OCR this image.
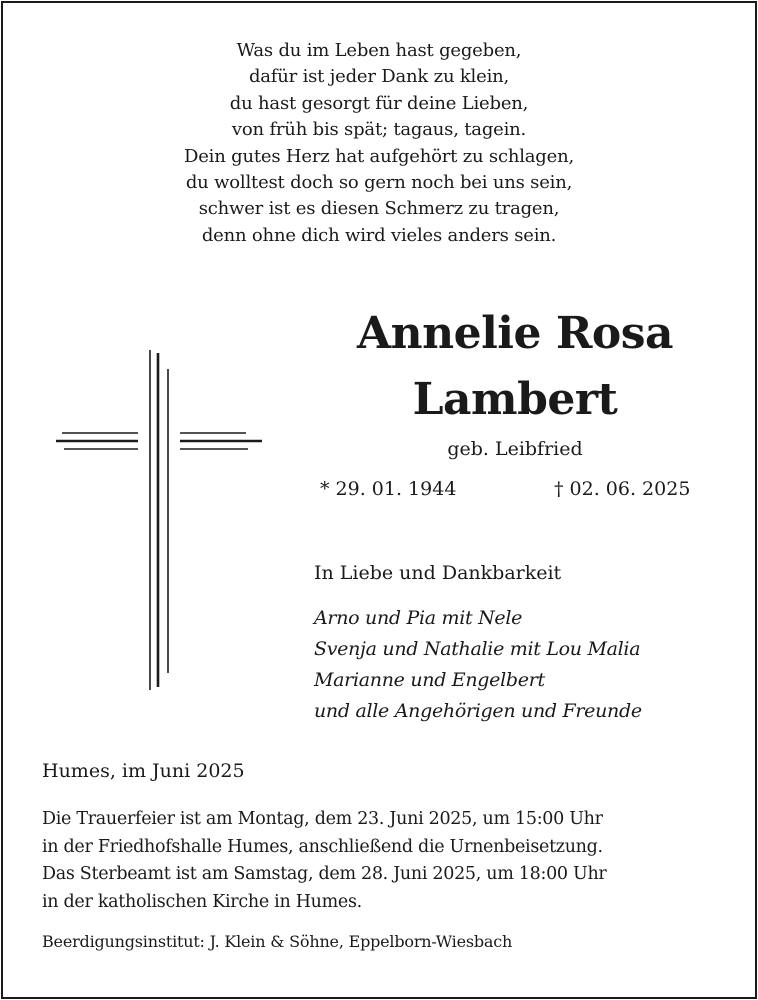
Was du im Leben hast gegeben,
dafür ist jeder Dank zu klein,
du hast gesorgt für deine Lieben,
von früh bis spät; tagaus, tagein.
Dein gutes Herz hat aufgehört zu schlagen,
du wolltest doch so gern noch bei uns sein,
schwer ist es diesen Schmerz zu tragen,
denn ohne dich wird vieles anders sein.
Annelie Rosa
Lambert
geb. Leibfried
* 29. 01. 1944	† 02. 06. 2025
In Liebe und Dankbarkeit
Arno und Pia mit Nele
Svenja und Nathalie mit Lou Malia
Marianne und Engelbert
und alle Angehörigen und Freunde
Humes, im Juni 2025
Die Trauerfeier ist am Montag, dem 23. Juni 2025, um 15:00 Uhr
in der Friedhofshalle Humes, anschließend die Urnenbeisetzung.
Das Sterbeamt ist am Samstag, dem 28. Juni 2025, um 18:00 Uhr
in der katholischen Kirche in Humes.
Beerdigungsinstitut: J. Klein & Söhne, Eppelborn-Wiesbach
